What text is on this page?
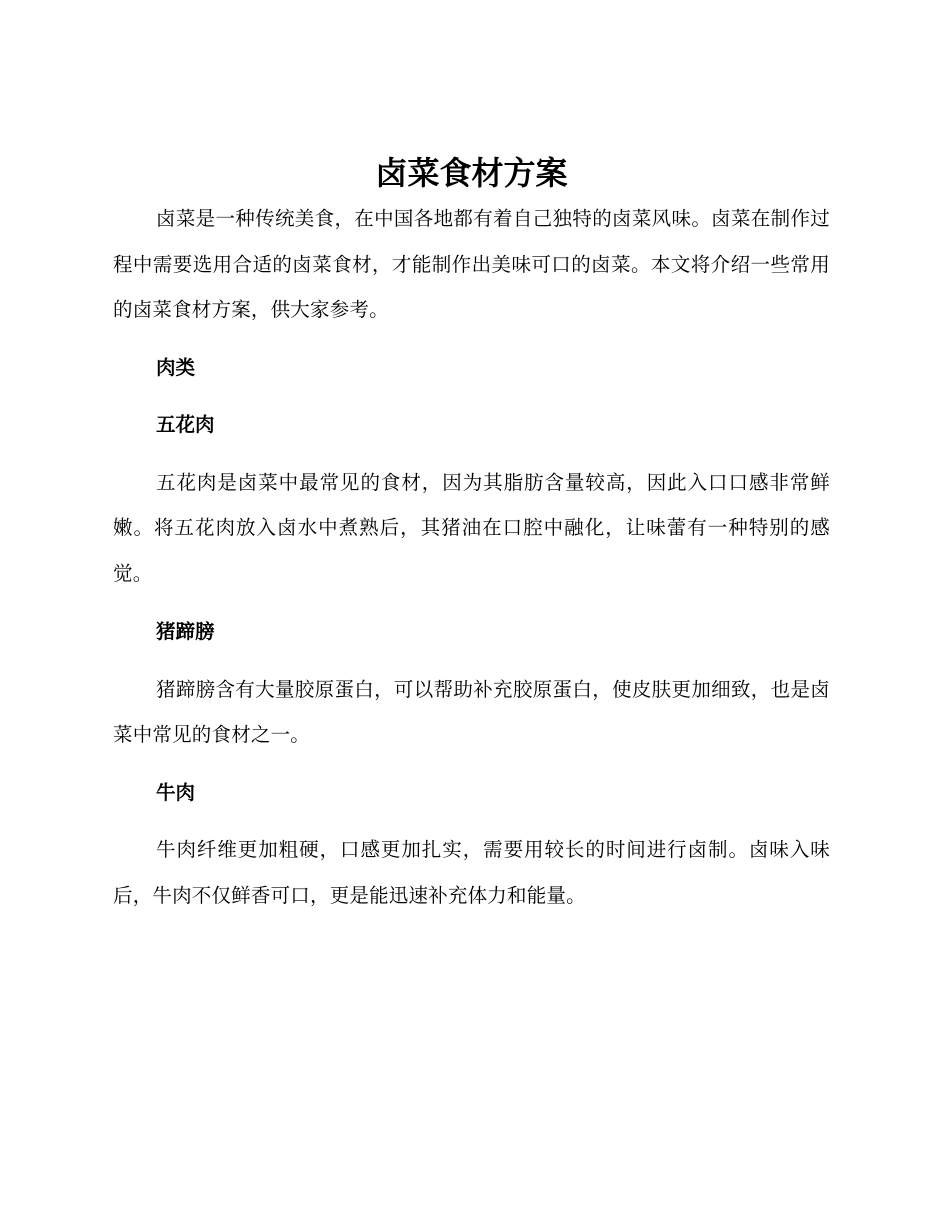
卤菜食材方案

卤菜是一种传统美食，在中国各地都有着自己独特的卤菜风味。卤菜在制作过程中需要选用合适的卤菜食材，才能制作出美味可口的卤菜。本文将介绍一些常用的卤菜食材方案，供大家参考。

肉类
五花肉

五花肉是卤菜中最常见的食材，因为其脂肪含量较高，因此入口口感非常鲜嫩。将五花肉放入卤水中煮熟后，其猪油在口腔中融化，让味蕾有一种特别的感觉。

猪蹄膀

猪蹄膀含有大量胶原蛋白，可以帮助补充胶原蛋白，使皮肤更加细致，也是卤菜中常见的食材之一。

牛肉

牛肉纤维更加粗硬，口感更加扎实，需要用较长的时间进行卤制。卤味入味后，牛肉不仅鲜香可口，更是能迅速补充体力和能量。
